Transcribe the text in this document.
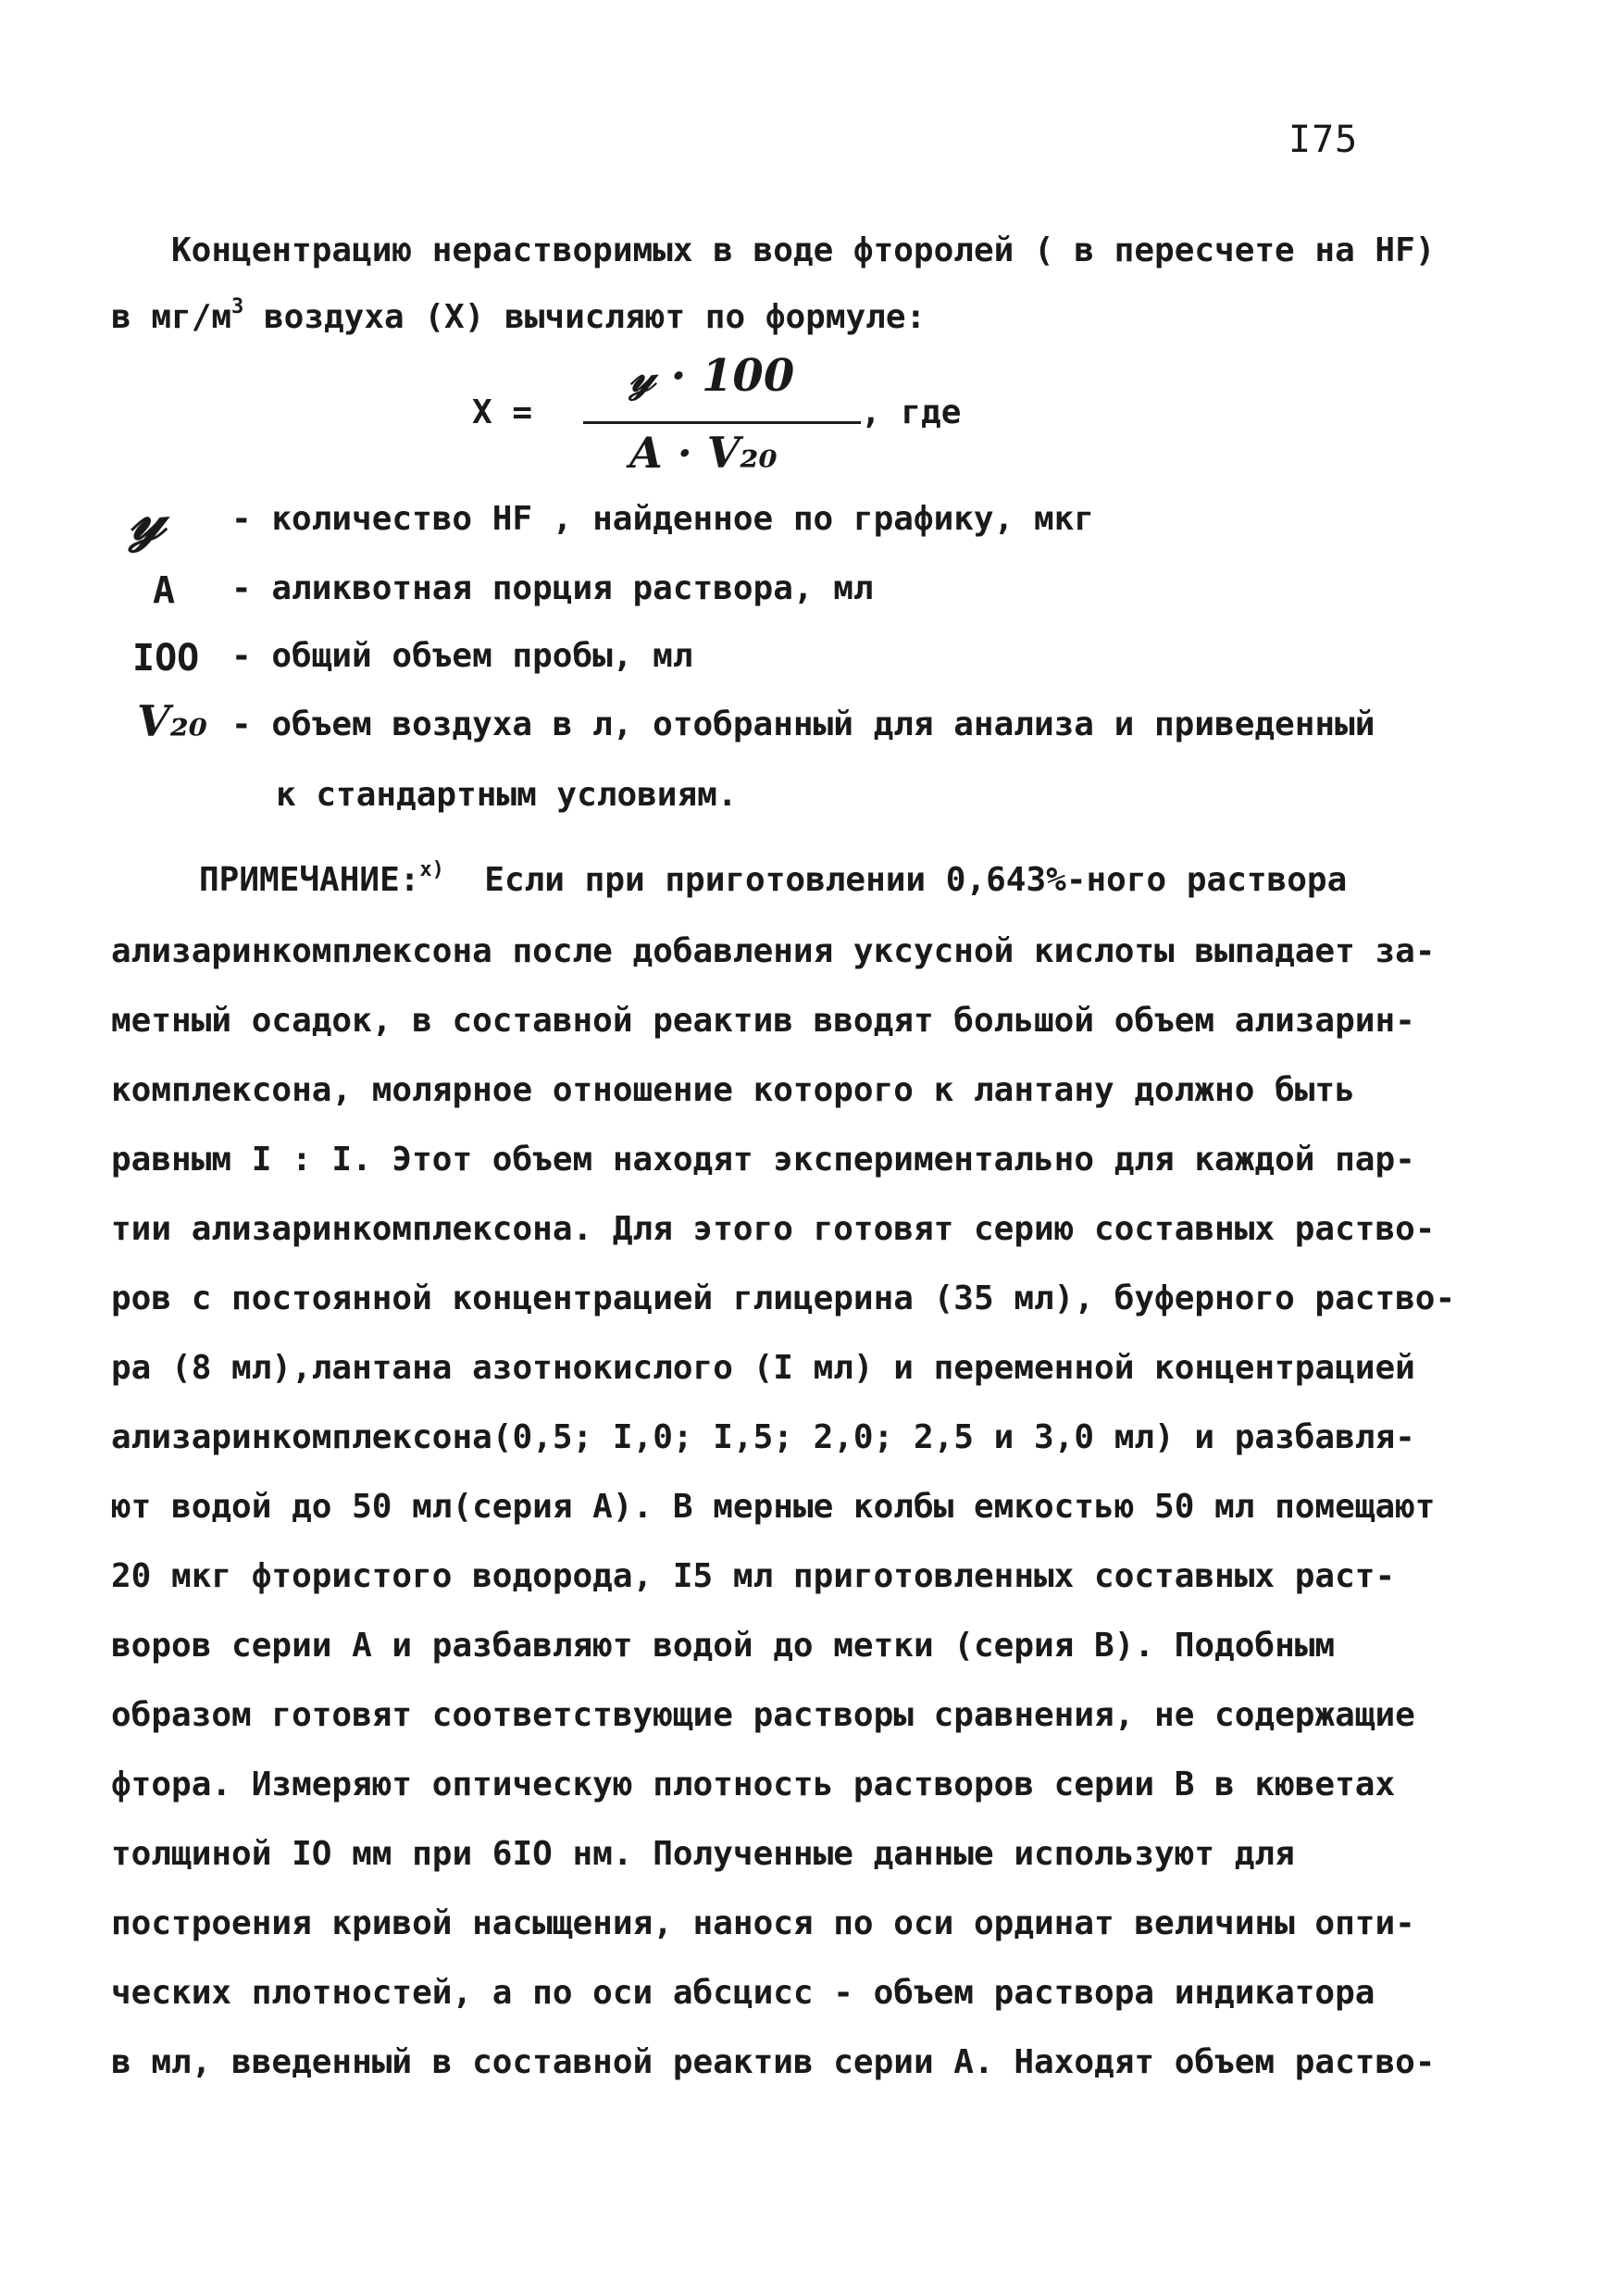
I75
Концентрацию нерастворимых в воде фторолей ( в пересчете на HF)
в $мг/м^3$ воздуха (X) вычисляют по формуле:
X =
𝓎 · 100
A · V₂₀
, где
𝓎 - количество HF , найденное по графику, мкг
A - аликвотная порция раствора, мл
IOO - общий объем пробы, мл
V₂₀ - объем воздуха в л, отобранный для анализа и приведенный
к стандартным условиям.
ПРИМЕЧАНИЕ:$^{x)}$ Если при приготовлении 0,643%-ного раствора
ализаринкомплексона после добавления уксусной кислоты выпадает за-
метный осадок, в составной реактив вводят большой объем ализарин-
комплексона, молярное отношение которого к лантану должно быть
равным I : I. Этот объем находят экспериментально для каждой пар-
тии ализаринкомплексона. Для этого готовят серию составных раство-
ров с постоянной концентрацией глицерина (35 мл), буферного раство-
ра (8 мл),лантана азотнокислого (I мл) и переменной концентрацией
ализаринкомплексона(0,5; I,0; I,5; 2,0; 2,5 и 3,0 мл) и разбавля-
ют водой до 50 мл(серия А). В мерные колбы емкостью 50 мл помещают
20 мкг фтористого водорода, I5 мл приготовленных составных раст-
воров серии А и разбавляют водой до метки (серия В). Подобным
образом готовят соответствующие растворы сравнения, не содержащие
фтора. Измеряют оптическую плотность растворов серии В в кюветах
толщиной IO мм при 6IO нм. Полученные данные используют для
построения кривой насыщения, нанося по оси ординат величины опти-
ческих плотностей, а по оси абсцисс - объем раствора индикатора
в мл, введенный в составной реактив серии А. Находят объем раство-
